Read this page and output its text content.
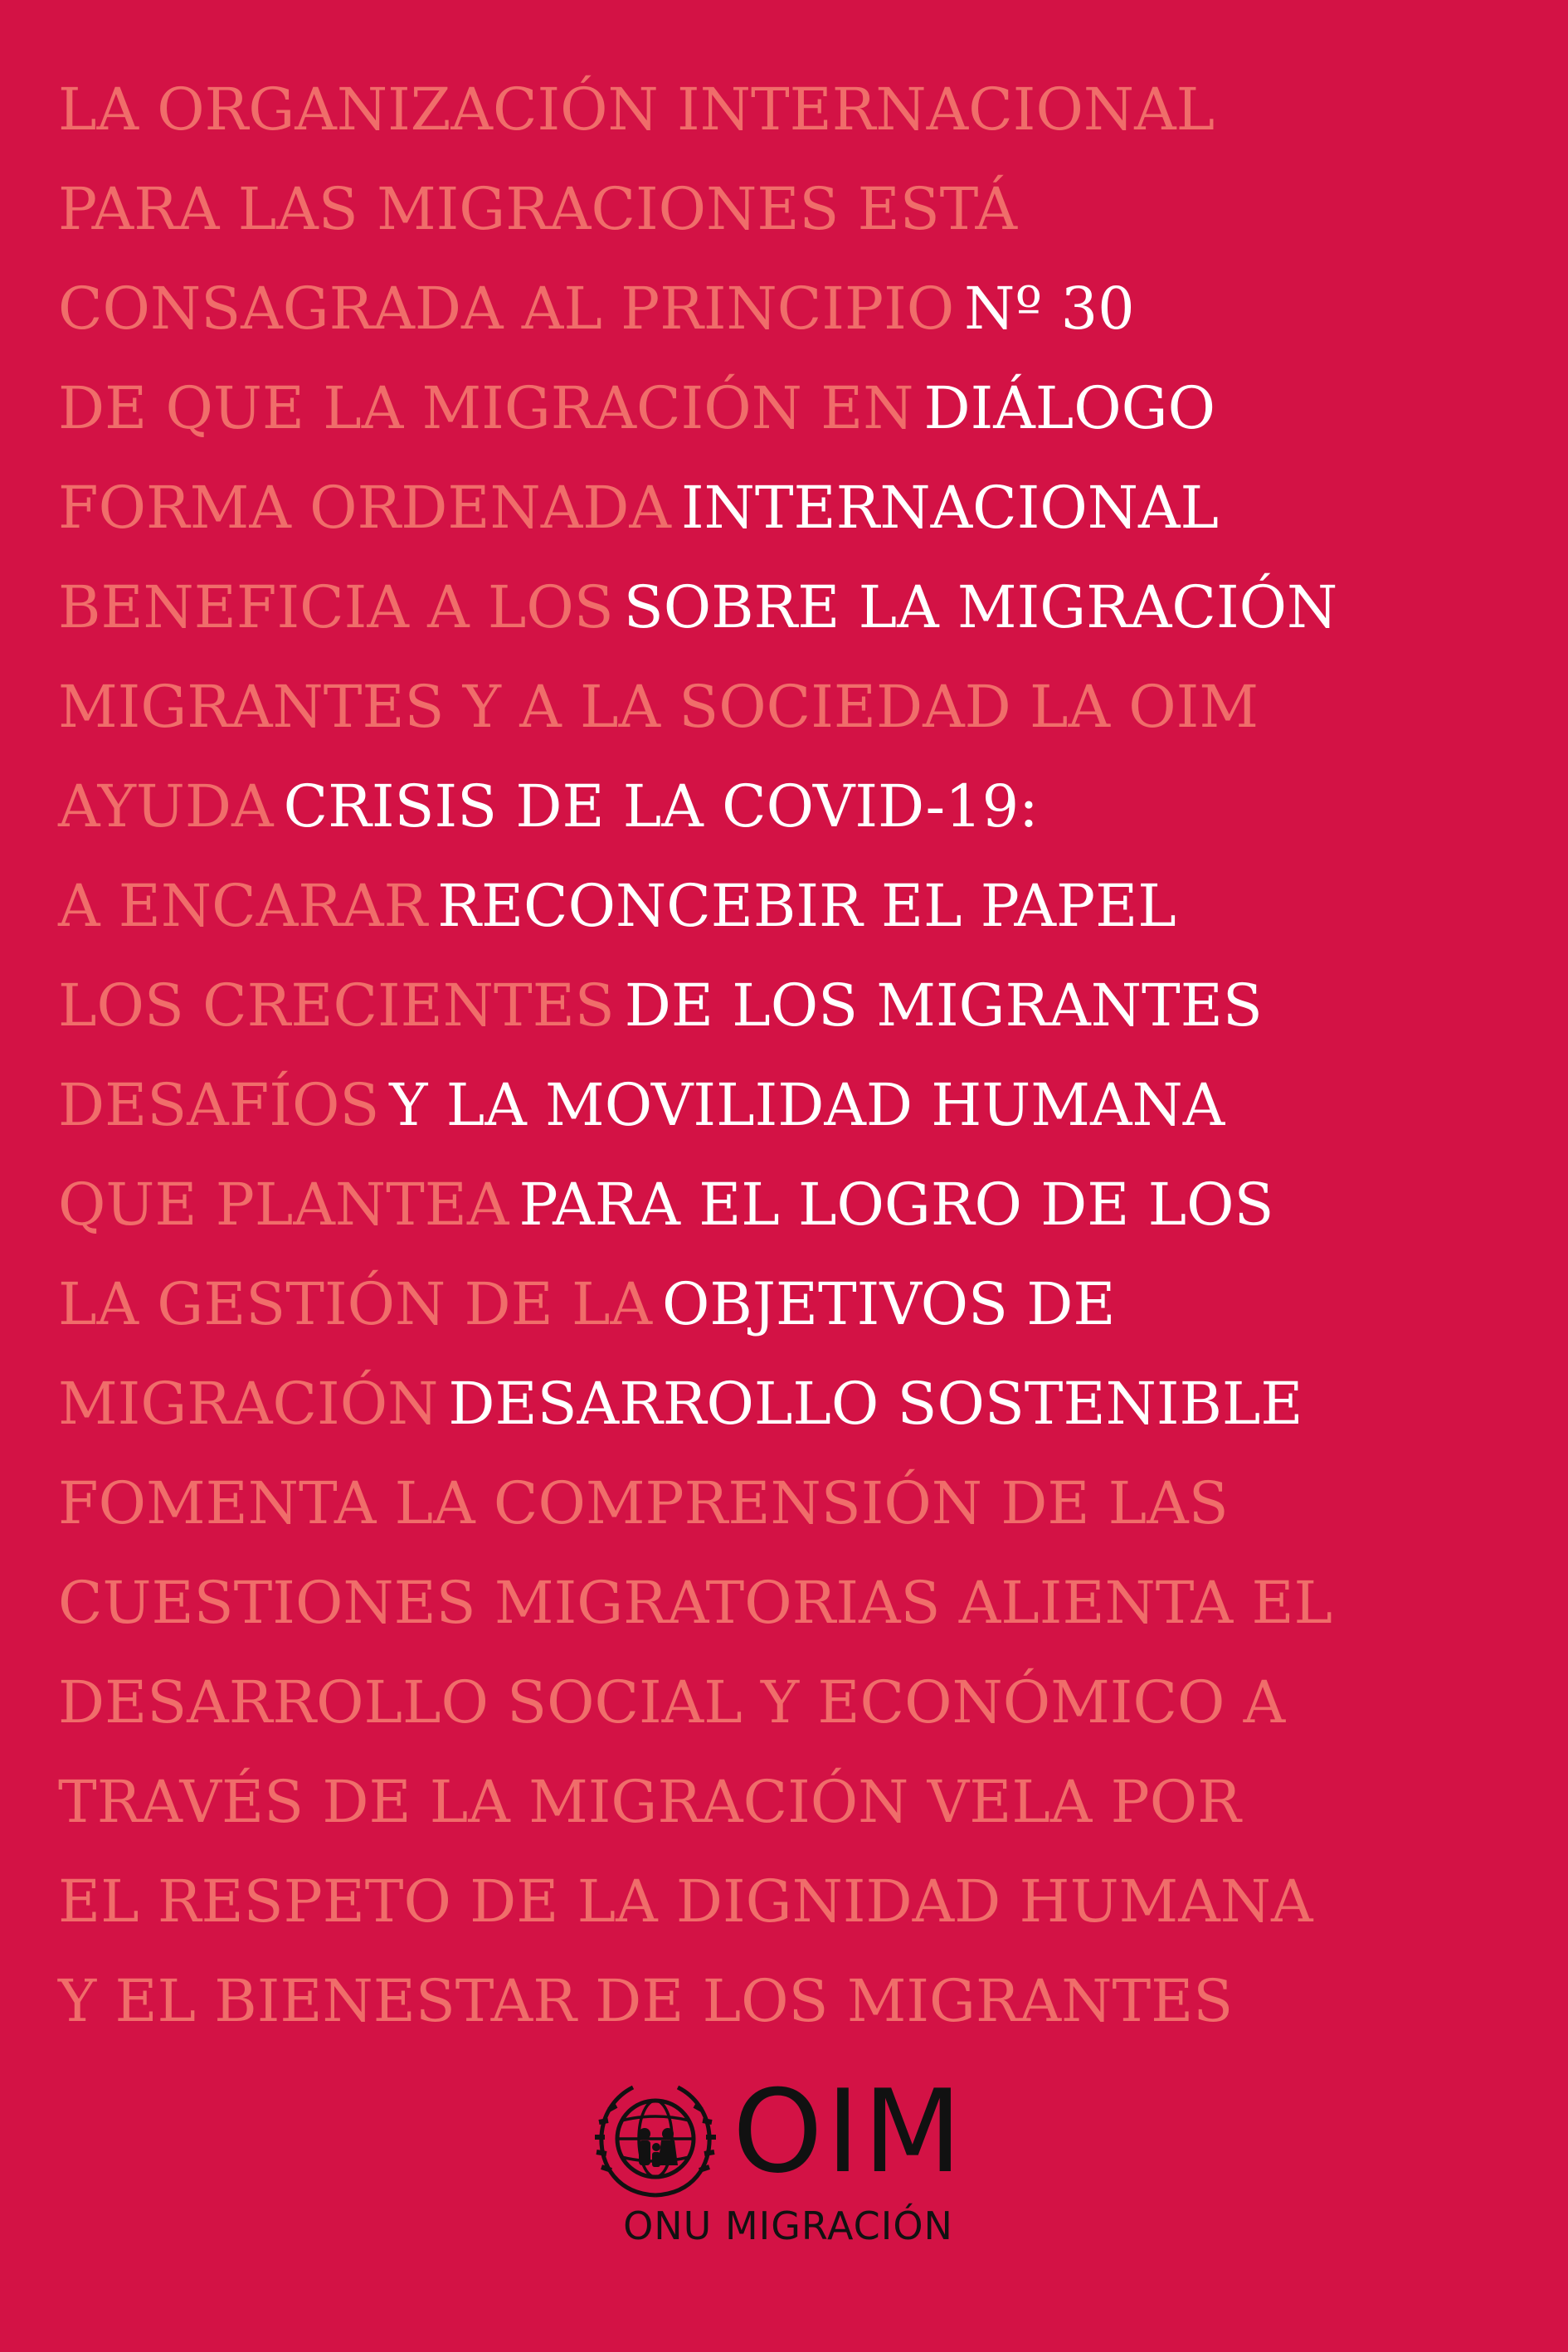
LA ORGANIZACIÓN INTERNACIONAL
PARA LAS MIGRACIONES ESTÁ
CONSAGRADA AL PRINCIPIO Nº 30
DE QUE LA MIGRACIÓN EN DIÁLOGO
FORMA ORDENADA INTERNACIONAL
BENEFICIA A LOS SOBRE LA MIGRACIÓN
MIGRANTES Y A LA SOCIEDAD LA OIM
AYUDA CRISIS DE LA COVID-19:
A ENCARAR RECONCEBIR EL PAPEL
LOS CRECIENTES DE LOS MIGRANTES
DESAFÍOS Y LA MOVILIDAD HUMANA
QUE PLANTEA PARA EL LOGRO DE LOS
LA GESTIÓN DE LA OBJETIVOS DE
MIGRACIÓN DESARROLLO SOSTENIBLE
FOMENTA LA COMPRENSIÓN DE LAS
CUESTIONES MIGRATORIAS ALIENTA EL
DESARROLLO SOCIAL Y ECONÓMICO A
TRAVÉS DE LA MIGRACIÓN VELA POR
EL RESPETO DE LA DIGNIDAD HUMANA
Y EL BIENESTAR DE LOS MIGRANTES
OIM
ONU MIGRACIÓN
